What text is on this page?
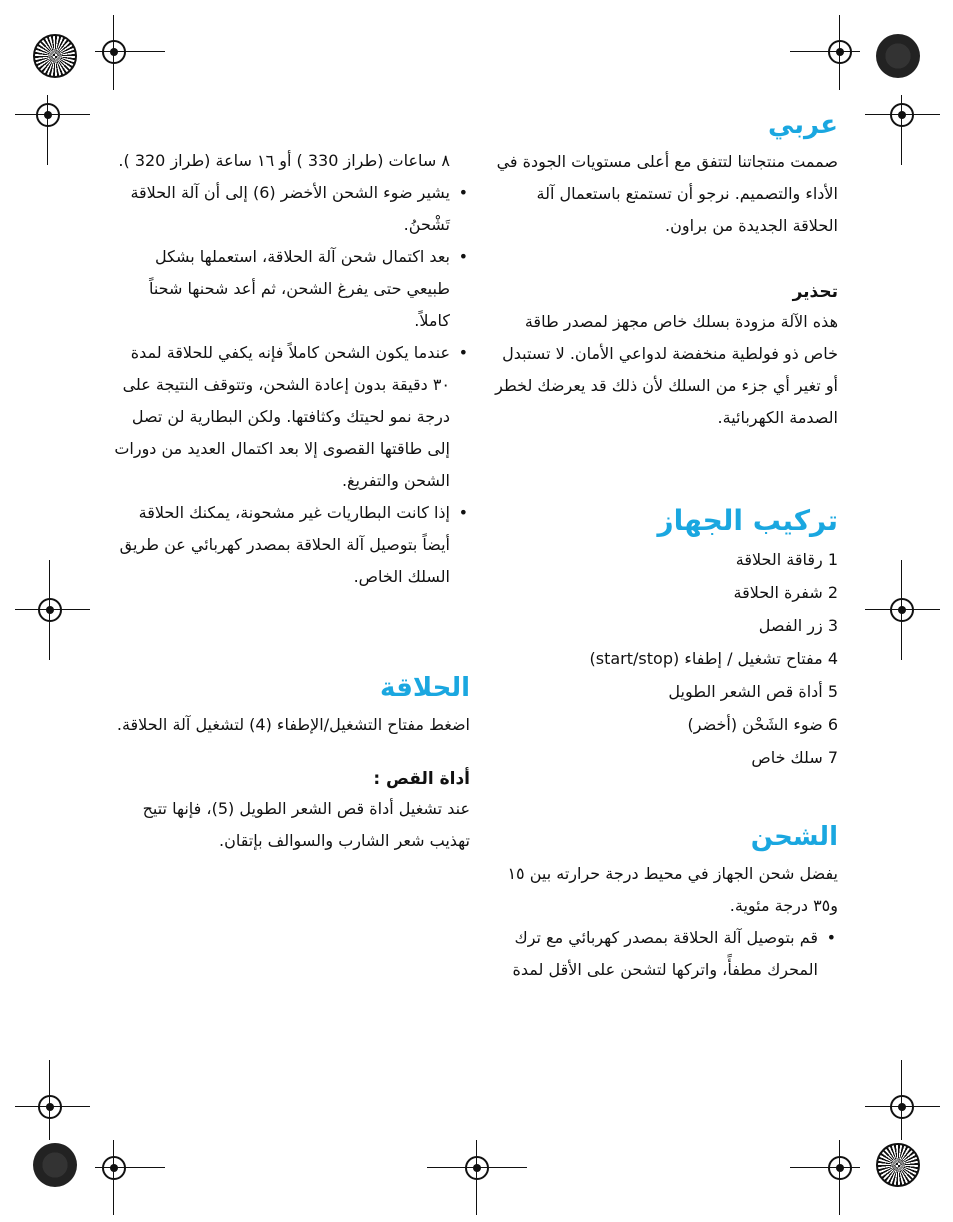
عربي

صممت منتجاتنا لتتفق مع أعلى مستويات الجودة في الأداء والتصميم. نرجو أن تستمتع باستعمال آلة الحلاقة الجديدة من براون.

تحذير

هذه الآلة مزودة بسلك خاص مجهز لمصدر طاقة خاص ذو فولطية منخفضة لدواعي الأمان. لا تستبدل أو تغير أي جزء من السلك لأن ذلك قد يعرضك لخطر الصدمة الكهربائية.

تركيب الجهاز
1 رقاقة الحلاقة
2 شفرة الحلاقة
3 زر الفصل
4 مفتاح تشغيل / إطفاء (start/stop)
5 أداة قص الشعر الطويل
6 ضوء الشَحْن (أخضر)
7 سلك خاص
الشحن

يفضل شحن الجهاز في محيط درجة حرارته بين ١٥ و٣٥ درجة مئوية.

• قم بتوصيل آلة الحلاقة بمصدر كهربائي مع ترك المحرك مطفأً، واتركها لتشحن على الأقل لمدة

٨ ساعات (طراز 330 ) أو ١٦ ساعة (طراز 320 ).

• يشير ضوء الشحن الأخضر (6) إلى أن آلة الحلاقة تَشْحنُ.
• بعد اكتمال شحن آلة الحلاقة، استعملها بشكل طبيعي حتى يفرغ الشحن، ثم أعد شحنها شحناً كاملاً.
• عندما يكون الشحن كاملاً فإنه يكفي للحلاقة لمدة ٣٠ دقيقة بدون إعادة الشحن، وتتوقف النتيجة على درجة نمو لحيتك وكثافتها. ولكن البطارية لن تصل إلى طاقتها القصوى إلا بعد اكتمال العديد من دورات الشحن والتفريغ.
• إذا كانت البطاريات غير مشحونة، يمكنك الحلاقة أيضاً بتوصيل آلة الحلاقة بمصدر كهربائي عن طريق السلك الخاص.
الحلاقة

اضغط مفتاح التشغيل/الإطفاء (4) لتشغيل آلة الحلاقة.

أداة القص :

عند تشغيل أداة قص الشعر الطويل (5)، فإنها تتيح تهذيب شعر الشارب والسوالف بإتقان.
